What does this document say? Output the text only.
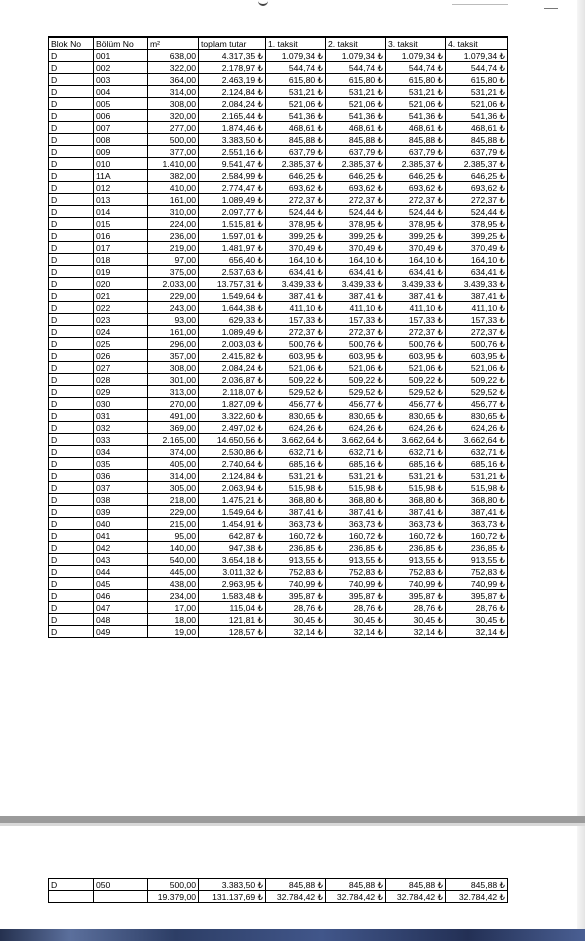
Blok No	Bölüm No	m²	toplam tutar	1. taksit	2. taksit	3. taksit	4. taksit
D	001	638,00	4.317,35 ₺	1.079,34 ₺	1.079,34 ₺	1.079,34 ₺	1.079,34 ₺
D	002	322,00	2.178,97 ₺	544,74 ₺	544,74 ₺	544,74 ₺	544,74 ₺
D	003	364,00	2.463,19 ₺	615,80 ₺	615,80 ₺	615,80 ₺	615,80 ₺
D	004	314,00	2.124,84 ₺	531,21 ₺	531,21 ₺	531,21 ₺	531,21 ₺
D	005	308,00	2.084,24 ₺	521,06 ₺	521,06 ₺	521,06 ₺	521,06 ₺
D	006	320,00	2.165,44 ₺	541,36 ₺	541,36 ₺	541,36 ₺	541,36 ₺
D	007	277,00	1.874,46 ₺	468,61 ₺	468,61 ₺	468,61 ₺	468,61 ₺
D	008	500,00	3.383,50 ₺	845,88 ₺	845,88 ₺	845,88 ₺	845,88 ₺
D	009	377,00	2.551,16 ₺	637,79 ₺	637,79 ₺	637,79 ₺	637,79 ₺
D	010	1.410,00	9.541,47 ₺	2.385,37 ₺	2.385,37 ₺	2.385,37 ₺	2.385,37 ₺
D	11A	382,00	2.584,99 ₺	646,25 ₺	646,25 ₺	646,25 ₺	646,25 ₺
D	012	410,00	2.774,47 ₺	693,62 ₺	693,62 ₺	693,62 ₺	693,62 ₺
D	013	161,00	1.089,49 ₺	272,37 ₺	272,37 ₺	272,37 ₺	272,37 ₺
D	014	310,00	2.097,77 ₺	524,44 ₺	524,44 ₺	524,44 ₺	524,44 ₺
D	015	224,00	1.515,81 ₺	378,95 ₺	378,95 ₺	378,95 ₺	378,95 ₺
D	016	236,00	1.597,01 ₺	399,25 ₺	399,25 ₺	399,25 ₺	399,25 ₺
D	017	219,00	1.481,97 ₺	370,49 ₺	370,49 ₺	370,49 ₺	370,49 ₺
D	018	97,00	656,40 ₺	164,10 ₺	164,10 ₺	164,10 ₺	164,10 ₺
D	019	375,00	2.537,63 ₺	634,41 ₺	634,41 ₺	634,41 ₺	634,41 ₺
D	020	2.033,00	13.757,31 ₺	3.439,33 ₺	3.439,33 ₺	3.439,33 ₺	3.439,33 ₺
D	021	229,00	1.549,64 ₺	387,41 ₺	387,41 ₺	387,41 ₺	387,41 ₺
D	022	243,00	1.644,38 ₺	411,10 ₺	411,10 ₺	411,10 ₺	411,10 ₺
D	023	93,00	629,33 ₺	157,33 ₺	157,33 ₺	157,33 ₺	157,33 ₺
D	024	161,00	1.089,49 ₺	272,37 ₺	272,37 ₺	272,37 ₺	272,37 ₺
D	025	296,00	2.003,03 ₺	500,76 ₺	500,76 ₺	500,76 ₺	500,76 ₺
D	026	357,00	2.415,82 ₺	603,95 ₺	603,95 ₺	603,95 ₺	603,95 ₺
D	027	308,00	2.084,24 ₺	521,06 ₺	521,06 ₺	521,06 ₺	521,06 ₺
D	028	301,00	2.036,87 ₺	509,22 ₺	509,22 ₺	509,22 ₺	509,22 ₺
D	029	313,00	2.118,07 ₺	529,52 ₺	529,52 ₺	529,52 ₺	529,52 ₺
D	030	270,00	1.827,09 ₺	456,77 ₺	456,77 ₺	456,77 ₺	456,77 ₺
D	031	491,00	3.322,60 ₺	830,65 ₺	830,65 ₺	830,65 ₺	830,65 ₺
D	032	369,00	2.497,02 ₺	624,26 ₺	624,26 ₺	624,26 ₺	624,26 ₺
D	033	2.165,00	14.650,56 ₺	3.662,64 ₺	3.662,64 ₺	3.662,64 ₺	3.662,64 ₺
D	034	374,00	2.530,86 ₺	632,71 ₺	632,71 ₺	632,71 ₺	632,71 ₺
D	035	405,00	2.740,64 ₺	685,16 ₺	685,16 ₺	685,16 ₺	685,16 ₺
D	036	314,00	2.124,84 ₺	531,21 ₺	531,21 ₺	531,21 ₺	531,21 ₺
D	037	305,00	2.063,94 ₺	515,98 ₺	515,98 ₺	515,98 ₺	515,98 ₺
D	038	218,00	1.475,21 ₺	368,80 ₺	368,80 ₺	368,80 ₺	368,80 ₺
D	039	229,00	1.549,64 ₺	387,41 ₺	387,41 ₺	387,41 ₺	387,41 ₺
D	040	215,00	1.454,91 ₺	363,73 ₺	363,73 ₺	363,73 ₺	363,73 ₺
D	041	95,00	642,87 ₺	160,72 ₺	160,72 ₺	160,72 ₺	160,72 ₺
D	042	140,00	947,38 ₺	236,85 ₺	236,85 ₺	236,85 ₺	236,85 ₺
D	043	540,00	3.654,18 ₺	913,55 ₺	913,55 ₺	913,55 ₺	913,55 ₺
D	044	445,00	3.011,32 ₺	752,83 ₺	752,83 ₺	752,83 ₺	752,83 ₺
D	045	438,00	2.963,95 ₺	740,99 ₺	740,99 ₺	740,99 ₺	740,99 ₺
D	046	234,00	1.583,48 ₺	395,87 ₺	395,87 ₺	395,87 ₺	395,87 ₺
D	047	17,00	115,04 ₺	28,76 ₺	28,76 ₺	28,76 ₺	28,76 ₺
D	048	18,00	121,81 ₺	30,45 ₺	30,45 ₺	30,45 ₺	30,45 ₺
D	049	19,00	128,57 ₺	32,14 ₺	32,14 ₺	32,14 ₺	32,14 ₺
D	050	500,00	3.383,50 ₺	845,88 ₺	845,88 ₺	845,88 ₺	845,88 ₺
		19.379,00	131.137,69 ₺	32.784,42 ₺	32.784,42 ₺	32.784,42 ₺	32.784,42 ₺
